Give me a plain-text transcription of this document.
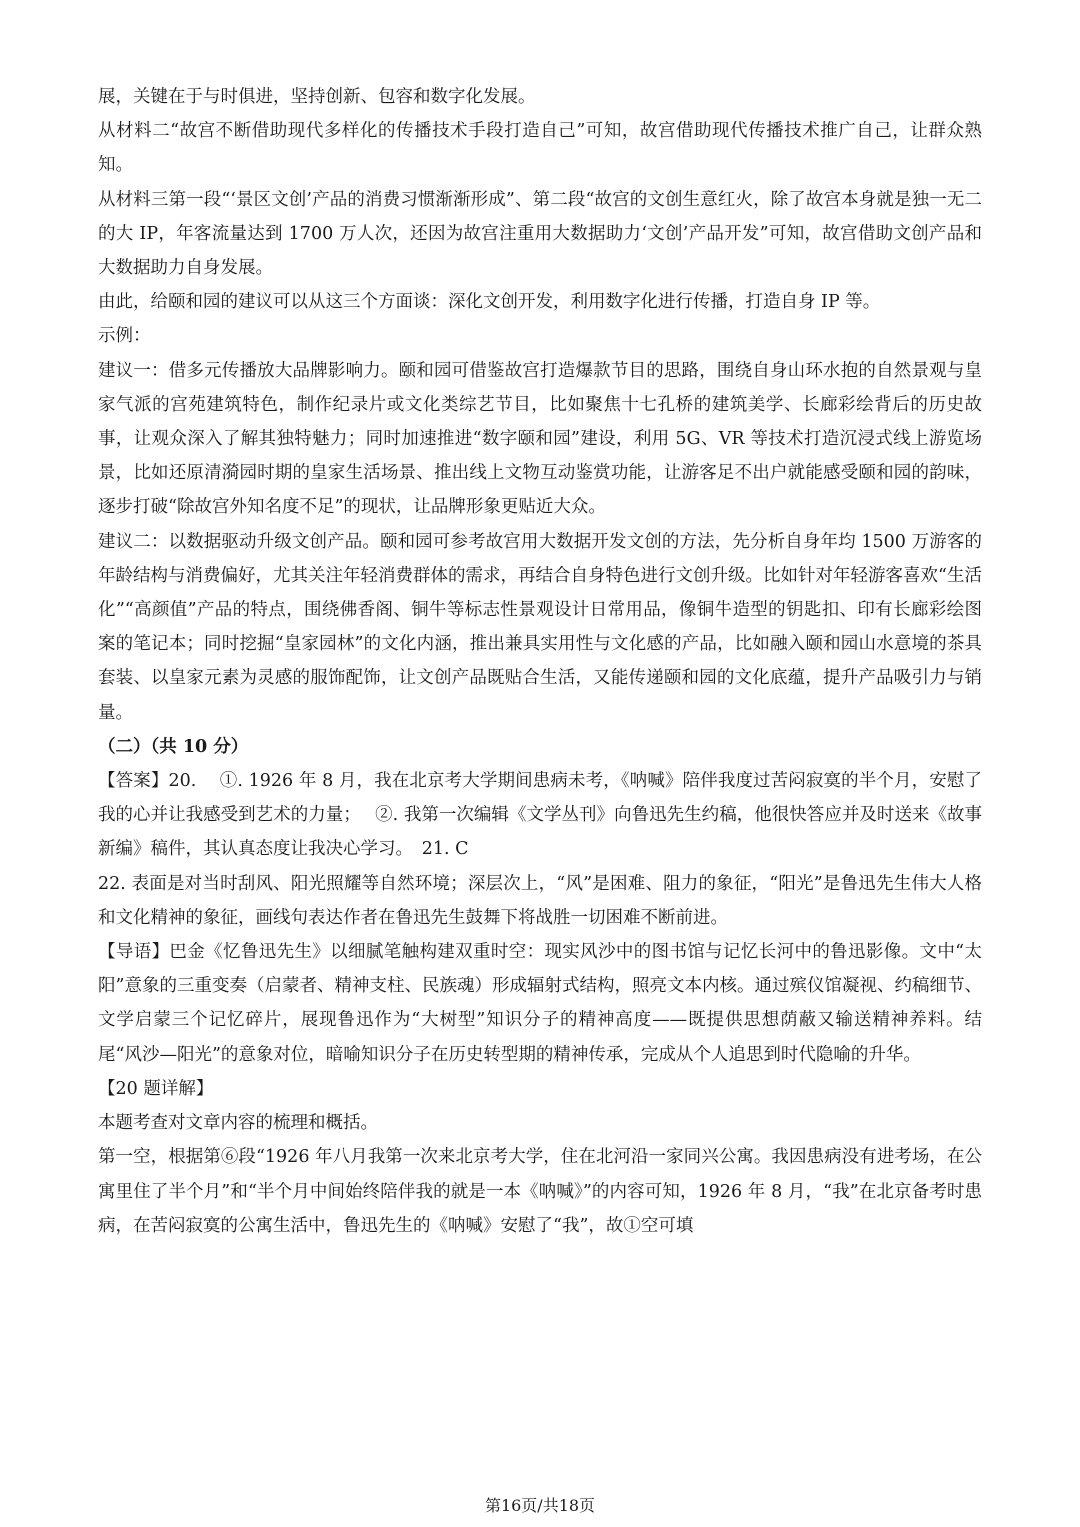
展，关键在于与时俱进，坚持创新、包容和数字化发展。

从材料二“故宫不断借助现代多样化的传播技术手段打造自己”可知，故宫借助现代传播技术推广自己，让群众熟知。

从材料三第一段“‘景区文创’产品的消费习惯渐渐形成”、第二段“故宫的文创生意红火，除了故宫本身就是独一无二的大 IP，年客流量达到 1700 万人次，还因为故宫注重用大数据助力‘文创’产品开发”可知，故宫借助文创产品和大数据助力自身发展。

由此，给颐和园的建议可以从这三个方面谈：深化文创开发，利用数字化进行传播，打造自身 IP 等。

示例：

建议一：借多元传播放大品牌影响力。颐和园可借鉴故宫打造爆款节目的思路，围绕自身山环水抱的自然景观与皇家气派的宫苑建筑特色，制作纪录片或文化类综艺节目，比如聚焦十七孔桥的建筑美学、长廊彩绘背后的历史故事，让观众深入了解其独特魅力；同时加速推进“数字颐和园”建设，利用 5G、VR 等技术打造沉浸式线上游览场景，比如还原清漪园时期的皇家生活场景、推出线上文物互动鉴赏功能，让游客足不出户就能感受颐和园的韵味，逐步打破“除故宫外知名度不足”的现状，让品牌形象更贴近大众。

建议二：以数据驱动升级文创产品。颐和园可参考故宫用大数据开发文创的方法，先分析自身年均 1500 万游客的年龄结构与消费偏好，尤其关注年轻消费群体的需求，再结合自身特色进行文创升级。比如针对年轻游客喜欢“生活化”“高颜值”产品的特点，围绕佛香阁、铜牛等标志性景观设计日常用品，像铜牛造型的钥匙扣、印有长廊彩绘图案的笔记本；同时挖掘“皇家园林”的文化内涵，推出兼具实用性与文化感的产品，比如融入颐和园山水意境的茶具套装、以皇家元素为灵感的服饰配饰，让文创产品既贴合生活，又能传递颐和园的文化底蕴，提升产品吸引力与销量。

（二）（共 10 分）

【答案】20.　 ①. 1926 年 8 月，我在北京考大学期间患病未考，《呐喊》陪伴我度过苦闷寂寞的半个月，安慰了我的心并让我感受到艺术的力量；　 ②. 我第一次编辑《文学丛刊》向鲁迅先生约稿，他很快答应并及时送来《故事新编》稿件，其认真态度让我决心学习。　21. C

22. 表面是对当时刮风、阳光照耀等自然环境；深层次上，“风”是困难、阻力的象征，“阳光”是鲁迅先生伟大人格和文化精神的象征，画线句表达作者在鲁迅先生鼓舞下将战胜一切困难不断前进。

【导语】巴金《忆鲁迅先生》以细腻笔触构建双重时空：现实风沙中的图书馆与记忆长河中的鲁迅影像。文中“太阳”意象的三重变奏（启蒙者、精神支柱、民族魂）形成辐射式结构，照亮文本内核。通过殡仪馆凝视、约稿细节、文学启蒙三个记忆碎片，展现鲁迅作为“大树型”知识分子的精神高度——既提供思想荫蔽又输送精神养料。结尾“风沙—阳光”的意象对位，暗喻知识分子在历史转型期的精神传承，完成从个人追思到时代隐喻的升华。

【20 题详解】

本题考查对文章内容的梳理和概括。

第一空，根据第⑥段“1926 年八月我第一次来北京考大学，住在北河沿一家同兴公寓。我因患病没有进考场，在公寓里住了半个月”和“半个月中间始终陪伴我的就是一本《呐喊》”的内容可知，1926 年 8 月，“我”在北京备考时患病，在苦闷寂寞的公寓生活中，鲁迅先生的《呐喊》安慰了“我”，故①空可填

第16页/共18页
